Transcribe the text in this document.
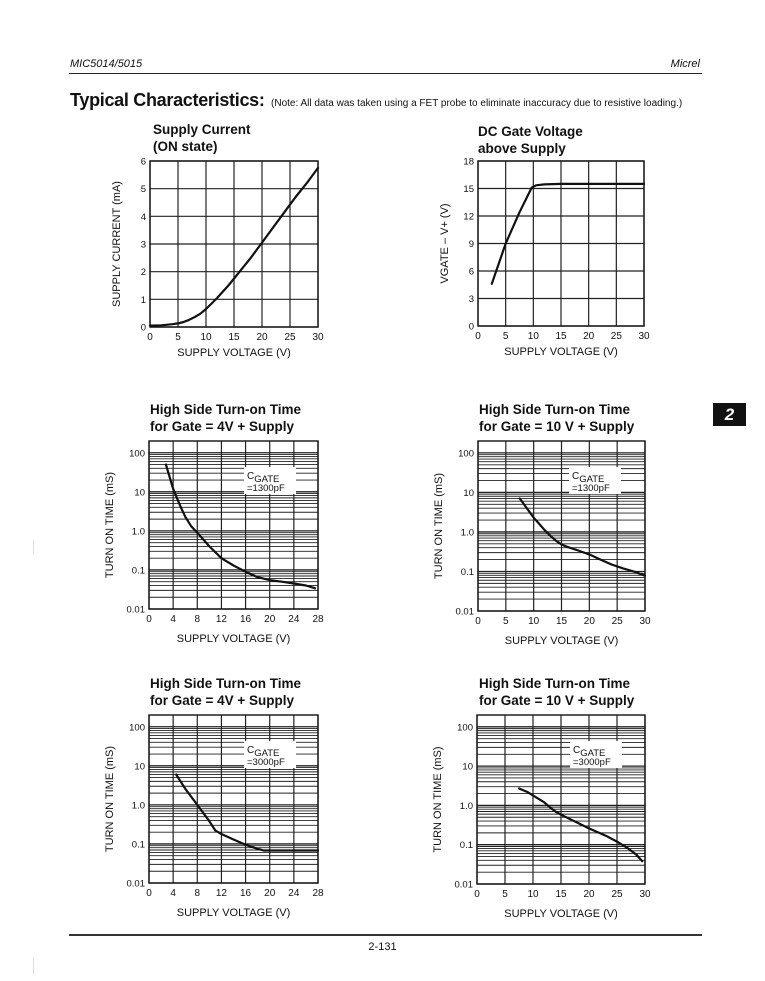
MIC5014/5015	Micrel
Typical Characteristics: (Note: All data was taken using a FET probe to eliminate inaccuracy due to resistive loading.)
2
Supply Current
(ON state)
DC Gate Voltage
above Supply
High Side Turn-on Time
for Gate = 4V + Supply
High Side Turn-on Time
for Gate = 10 V + Supply
High Side Turn-on Time
for Gate = 4V + Supply
High Side Turn-on Time
for Gate = 10 V + Supply
0 5 10 15 20 25 30
0
1
2
3
4
5
6
SUPPLY VOLTAGE (V)
SUPPLY CURRENT (mA)
0 5 10 15 20 25 30
0
3
6
9
12
15
18
SUPPLY VOLTAGE (V)
VGATE – V+ (V)
CGATE
=1300pF
0 4 8 12 16 20 24 28
0.01
0.1
1.0
10
100
SUPPLY VOLTAGE (V)
TURN ON TIME (mS)	CGATE
=1300pF
0 5 10 15 20 25 30
0.01
0.1
1.0
10
100
SUPPLY VOLTAGE (V)
TURN ON TIME (mS)
CGATE
=3000pF
0 4 8 12 16 20 24 28
0.01
0.1
1.0
10
100
SUPPLY VOLTAGE (V)
TURN ON TIME (mS)	CGATE
=3000pF
0 5 10 15 20 25 30
0.01
0.1
1.0
10
100
SUPPLY VOLTAGE (V)
TURN ON TIME (mS)
2-131
